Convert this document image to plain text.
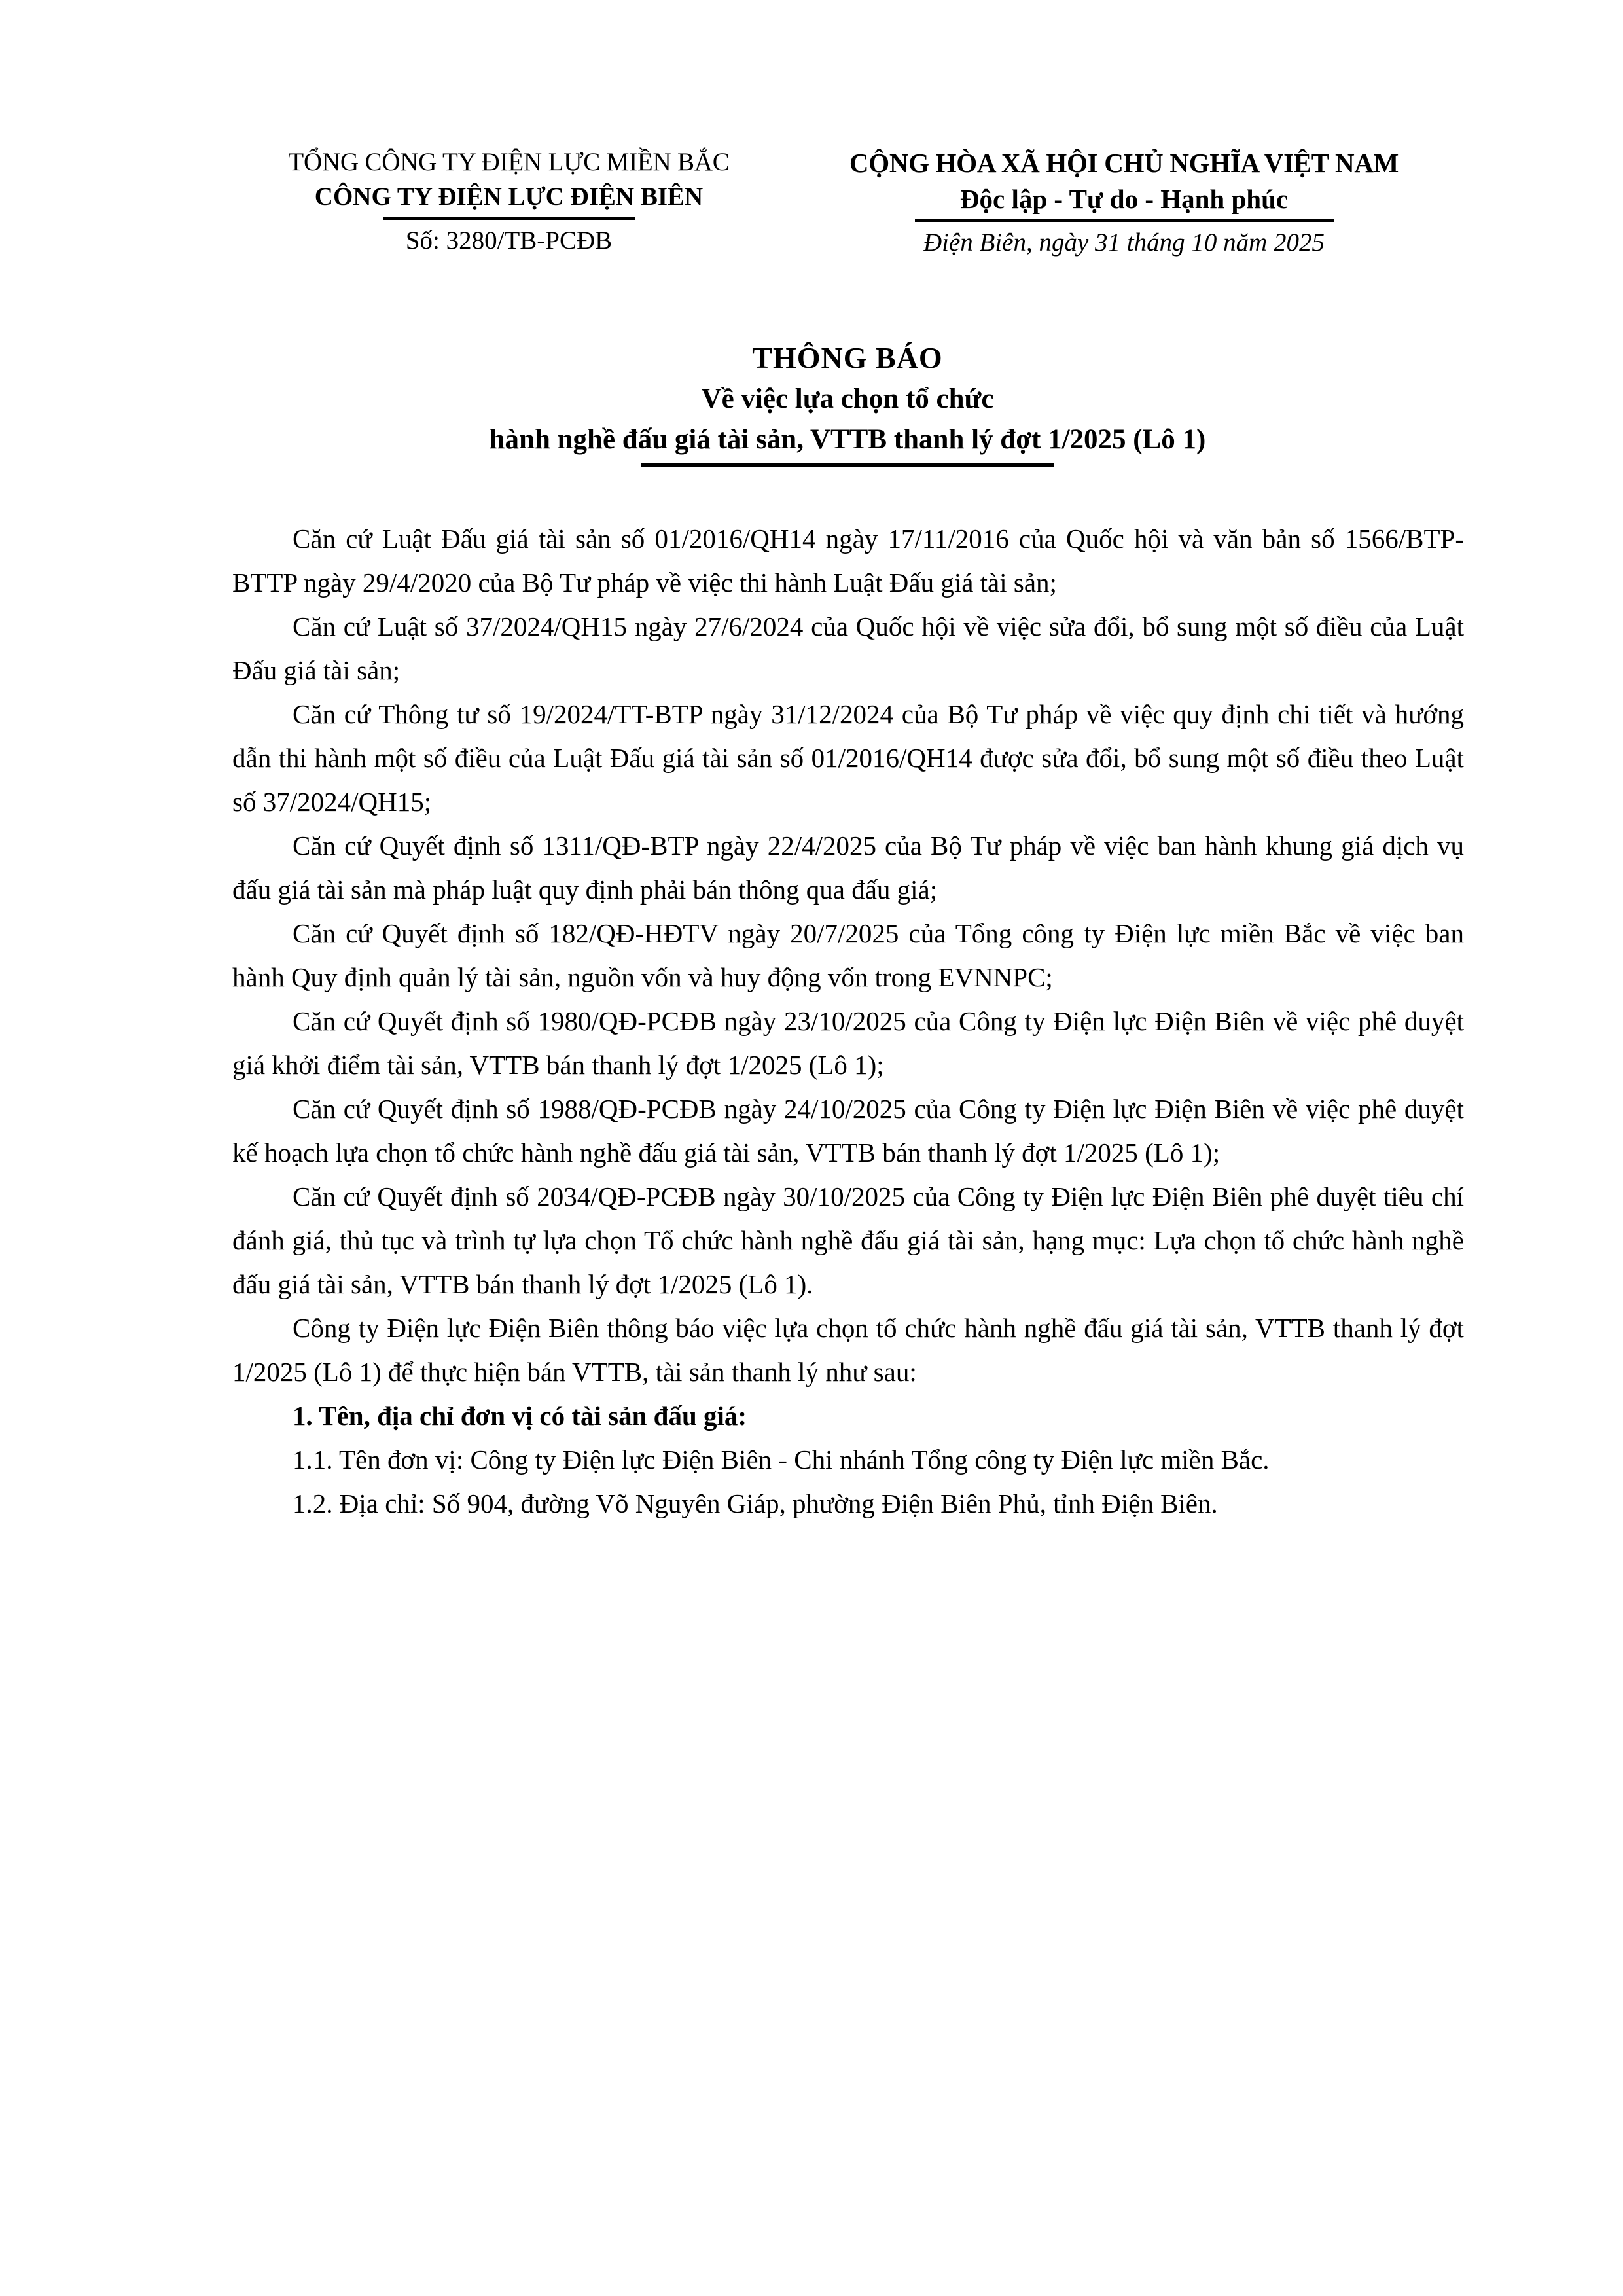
TỔNG CÔNG TY ĐIỆN LỰC MIỀN BẮC
CÔNG TY ĐIỆN LỰC ĐIỆN BIÊN
Số: 3280/TB-PCĐB
CỘNG HÒA XÃ HỘI CHỦ NGHĨA VIỆT NAM
Độc lập - Tự do - Hạnh phúc
Điện Biên, ngày 31 tháng 10 năm 2025
THÔNG BÁO
Về việc lựa chọn tổ chức
hành nghề đấu giá tài sản, VTTB thanh lý đợt 1/2025 (Lô 1)

Căn cứ Luật Đấu giá tài sản số 01/2016/QH14 ngày 17/11/2016 của Quốc hội và văn bản số 1566/BTP-BTTP ngày 29/4/2020 của Bộ Tư pháp về việc thi hành Luật Đấu giá tài sản;

Căn cứ Luật số 37/2024/QH15 ngày 27/6/2024 của Quốc hội về việc sửa đổi, bổ sung một số điều của Luật Đấu giá tài sản;

Căn cứ Thông tư số 19/2024/TT-BTP ngày 31/12/2024 của Bộ Tư pháp về việc quy định chi tiết và hướng dẫn thi hành một số điều của Luật Đấu giá tài sản số 01/2016/QH14 được sửa đổi, bổ sung một số điều theo Luật số 37/2024/QH15;

Căn cứ Quyết định số 1311/QĐ-BTP ngày 22/4/2025 của Bộ Tư pháp về việc ban hành khung giá dịch vụ đấu giá tài sản mà pháp luật quy định phải bán thông qua đấu giá;

Căn cứ Quyết định số 182/QĐ-HĐTV ngày 20/7/2025 của Tổng công ty Điện lực miền Bắc về việc ban hành Quy định quản lý tài sản, nguồn vốn và huy động vốn trong EVNNPC;

Căn cứ Quyết định số 1980/QĐ-PCĐB ngày 23/10/2025 của Công ty Điện lực Điện Biên về việc phê duyệt giá khởi điểm tài sản, VTTB bán thanh lý đợt 1/2025 (Lô 1);

Căn cứ Quyết định số 1988/QĐ-PCĐB ngày 24/10/2025 của Công ty Điện lực Điện Biên về việc phê duyệt kế hoạch lựa chọn tổ chức hành nghề đấu giá tài sản, VTTB bán thanh lý đợt 1/2025 (Lô 1);

Căn cứ Quyết định số 2034/QĐ-PCĐB ngày 30/10/2025 của Công ty Điện lực Điện Biên phê duyệt tiêu chí đánh giá, thủ tục và trình tự lựa chọn Tổ chức hành nghề đấu giá tài sản, hạng mục: Lựa chọn tổ chức hành nghề đấu giá tài sản, VTTB bán thanh lý đợt 1/2025 (Lô 1).

Công ty Điện lực Điện Biên thông báo việc lựa chọn tổ chức hành nghề đấu giá tài sản, VTTB thanh lý đợt 1/2025 (Lô 1) để thực hiện bán VTTB, tài sản thanh lý như sau:

1. Tên, địa chỉ đơn vị có tài sản đấu giá:

1.1. Tên đơn vị: Công ty Điện lực Điện Biên - Chi nhánh Tổng công ty Điện lực miền Bắc.

1.2. Địa chỉ: Số 904, đường Võ Nguyên Giáp, phường Điện Biên Phủ, tỉnh Điện Biên.
